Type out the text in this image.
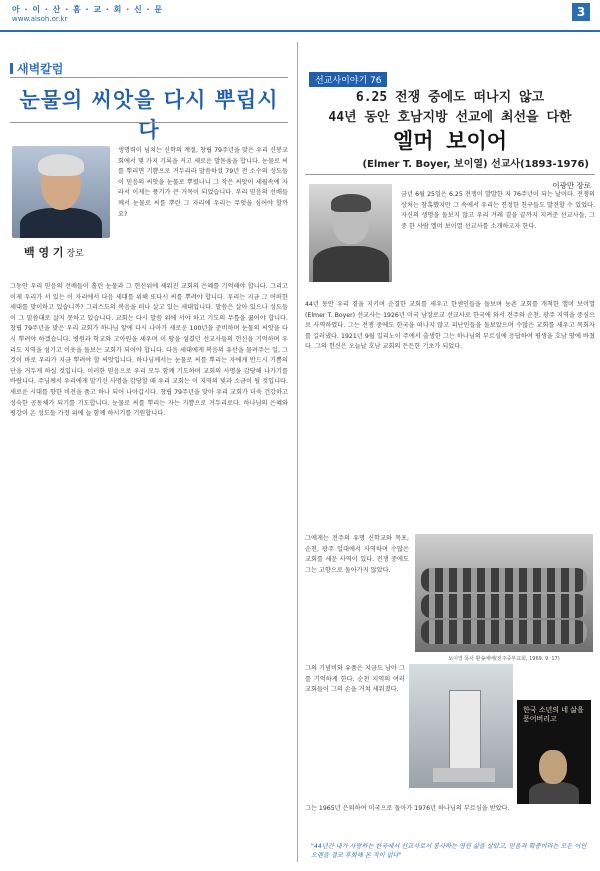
아 · 이 · 산 · 홈 · 교 · 회 · 신 · 문
www.aisoh.or.kr	3
새벽칼럼
눈물의 씨앗을 다시 뿌립시다
백 영 기 장로
생명력이 넘치는 신학의 계절, 창립 79주년을 맞은 우리 신봉교회에서 몇 가지 기록을 커고 새로운 발돋움을 합니다. 눈물로 씨를 뿌리면 기쁨으로 거두리라 말씀하셨 79년 전 소수의 성도들이 믿음의 씨앗을 눈물로 뿌렸나니 그 작은 씨앗이 세월속에 자라서 이제는 풍기가 큰 거목이 되었습니다. 우리 믿음의 선배들께서 눈물로 씨를 뿌린 그 자리에 우리는 무엇을 심어야 할까요?
그동안 우리 믿음의 선배들이 흘린 눈물과 그 헌신위에 세워진 교회의 은혜를 기억해야 합니다. 그리고 이제 우리가 서 있는 이 자리에서 다음 세대를 위해 또다시 씨를 뿌려야 합니다. 우리는 지금 그 어떠한 세대를 맞이하고 있습니까? 그리스도의 복음을 떠나 살고 있는 세대입니다. 말씀은 살아 있으나 성도들이 그 말씀대로 살지 못하고 있습니다. 교회는 다시 말씀 위에 서야 하고 기도의 무릎을 꿇어야 합니다. 창립 79주년을 맞은 우리 교회가 하나님 앞에 다시 나아가 새로운 100년을 준비하며 눈물의 씨앗을 다시 뿌려야 하겠습니다. 병원과 학교와 고아원을 세우며 이 땅을 섬겼던 선교사들의 헌신을 기억하며 우리도 지역을 섬기고 이웃을 돌보는 교회가 되어야 합니다. 다음 세대에게 복음의 유산을 물려주는 일, 그것이 바로 우리가 지금 뿌려야 할 씨앗입니다. 하나님께서는 눈물로 씨를 뿌리는 자에게 반드시 기쁨의 단을 거두게 하실 것입니다. 이러한 믿음으로 우리 모두 함께 기도하며 교회의 사명을 감당해 나가기를 바랍니다. 주님께서 우리에게 맡기신 사명을 감당할 때 우리 교회는 이 지역의 빛과 소금이 될 것입니다. 새로운 시대를 향한 비전을 품고 하나 되어 나아갑시다. 창립 79주년을 맞아 우리 교회가 더욱 건강하고 성숙한 공동체가 되기를 기도합니다. 눈물로 씨를 뿌리는 자는 기쁨으로 거두리로다. 하나님의 은혜와 평강이 온 성도들 가정 위에 늘 함께 하시기를 기원합니다.
선교사이야기 76
6.25 전쟁 중에도 떠나지 않고
44년 동안 호남지방 선교에 최선을 다한
엘머 보이어
(Elmer T. Boyer, 보이열) 선교사(1893-1976)
이광만 장로
금년 6월 25일은 6.25 전쟁이 발발한 지 76주년이 되는 날이다. 전쟁의 상처는 참혹했지만 그 속에서 우리는 진정한 친구들도 발견할 수 있었다. 자신의 생명을 돌보지 않고 우리 겨레 곁을 끝까지 지켜준 선교사들. 그 중 한 사람 엘머 보이열 선교사를 소개하고자 한다.
44년 동안 우리 곁을 지키며 순결한 교회를 세우고 한센인들을 돌보며 농촌 교회를 개척한 엘머 보이열(Elmer T. Boyer) 선교사는 1926년 미국 남장로교 선교사로 한국에 와서 전주와 순천, 광주 지역을 중심으로 사역하였다. 그는 전쟁 중에도 한국을 떠나지 않고 피난민들을 돌보았으며 수많은 교회를 세우고 목회자를 길러냈다. 1921년 9월 일리노이 주에서 출생한 그는 하나님의 부르심에 응답하여 평생을 호남 땅에 바쳤다. 그의 헌신은 오늘날 호남 교회의 든든한 기초가 되었다.
그에게는 전주의 유명 신학교와 목포, 순천, 광주 일대에서 사역하며 수많은 교회를 세운 사역이 있다. 전쟁 중에도 그는 고향으로 돌아가지 않았다.
보이열 목사 환송예배(전주중부교회, 1969. 9. 17)
그의 기념비와 유품은 지금도 남아 그를 기억하게 한다. 순천 지역의 여러 교회들이 그의 손을 거쳐 세워졌다.
한국 소년의 네 삶을 묻어버리고
그는 1965년 은퇴하여 미국으로 돌아가 1976년 하나님의 부르심을 받았다.
"44년간 내가 사랑하는 한국에서 선교사로서 봉사하는 영원 삶을 살았고, 믿음과 확증이라는 모든 이인 오랜을 결코 후회해 본 적이 없다"
